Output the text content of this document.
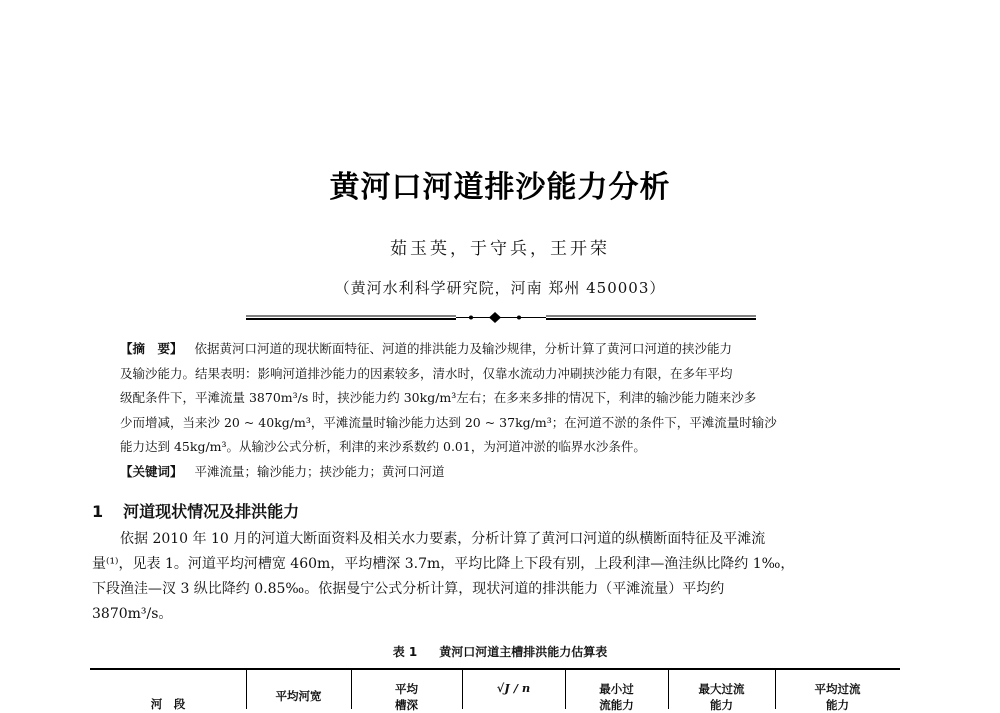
黄河口河道排沙能力分析
茹玉英，于守兵，王开荣
（黄河水利科学研究院，河南 郑州 450003）

【摘　要】 依据黄河口河道的现状断面特征、河道的排洪能力及输沙规律，分析计算了黄河口河道的挟沙能力

及输沙能力。结果表明：影响河道排沙能力的因素较多，清水时，仅靠水流动力冲刷挟沙能力有限，在多年平均

级配条件下，平滩流量 3870m³/s 时，挟沙能力约 30kg/m³左右；在多来多排的情况下，利津的输沙能力随来沙多

少而增减，当来沙 20 ~ 40kg/m³，平滩流量时输沙能力达到 20 ~ 37kg/m³；在河道不淤的条件下，平滩流量时输沙

能力达到 45kg/m³。从输沙公式分析，利津的来沙系数约 0.01，为河道冲淤的临界水沙条件。

【关键词】 平滩流量；输沙能力；挟沙能力；黄河口河道

1 河道现状情况及排洪能力

依据 2010 年 10 月的河道大断面资料及相关水力要素，分析计算了黄河口河道的纵横断面特征及平滩流

量⁽¹⁾，见表 1。河道平均河槽宽 460m，平均槽深 3.7m，平均比降上下段有别，上段利津—渔洼纵比降约 1‰，

下段渔洼—汊 3 纵比降约 0.85‰。依据曼宁公式分析计算，现状河道的排洪能力（平滩流量）平均约

3870m³/s。

表 1 黄河口河道主槽排洪能力估算表
河　段
平均河宽	平均
槽深
√J / n	最小过
流能力
最大过流
能力
平均过流
能力
